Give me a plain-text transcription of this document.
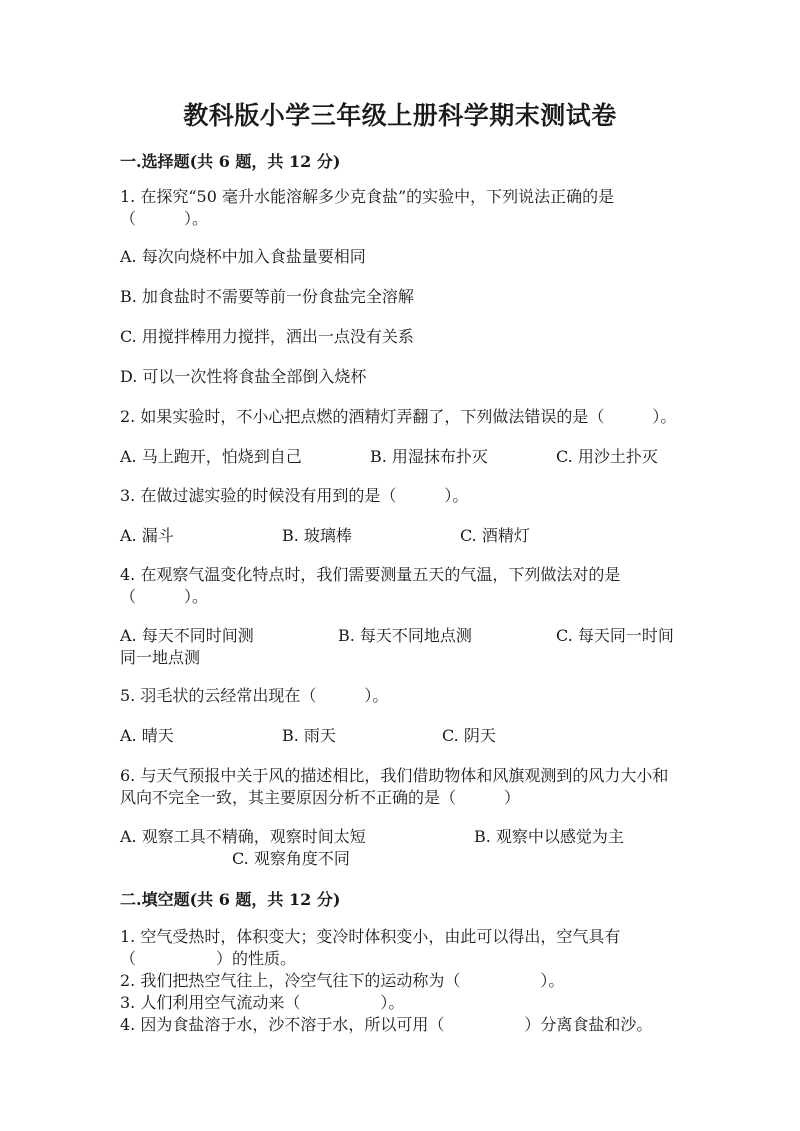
教科版小学三年级上册科学期末测试卷
一.选择题(共 6 题，共 12 分)
1. 在探究“50 毫升水能溶解多少克食盐”的实验中，下列说法正确的是
（　　　）。
A. 每次向烧杯中加入食盐量要相同
B. 加食盐时不需要等前一份食盐完全溶解
C. 用搅拌棒用力搅拌，洒出一点没有关系
D. 可以一次性将食盐全部倒入烧杯
2. 如果实验时，不小心把点燃的酒精灯弄翻了，下列做法错误的是（　　　）。
A. 马上跑开，怕烧到自己	B. 用湿抹布扑灭	C. 用沙土扑灭
3. 在做过滤实验的时候没有用到的是（　　　）。
A. 漏斗	B. 玻璃棒	C. 酒精灯
4. 在观察气温变化特点时，我们需要测量五天的气温，下列做法对的是
（　　　）。
A. 每天不同时间测	B. 每天不同地点测	C. 每天同一时间
同一地点测
5. 羽毛状的云经常出现在（　　　）。
A. 晴天	B. 雨天	C. 阴天
6. 与天气预报中关于风的描述相比，我们借助物体和风旗观测到的风力大小和
风向不完全一致，其主要原因分析不正确的是（　　　）
A. 观察工具不精确，观察时间太短	B. 观察中以感觉为主
C. 观察角度不同
二.填空题(共 6 题，共 12 分)
1. 空气受热时，体积变大；变冷时体积变小，由此可以得出，空气具有
（　　　　　）的性质。
2. 我们把热空气往上，冷空气往下的运动称为（　　　　　）。
3. 人们利用空气流动来（　　　　　）。
4. 因为食盐溶于水，沙不溶于水，所以可用（　　　　　）分离食盐和沙。
